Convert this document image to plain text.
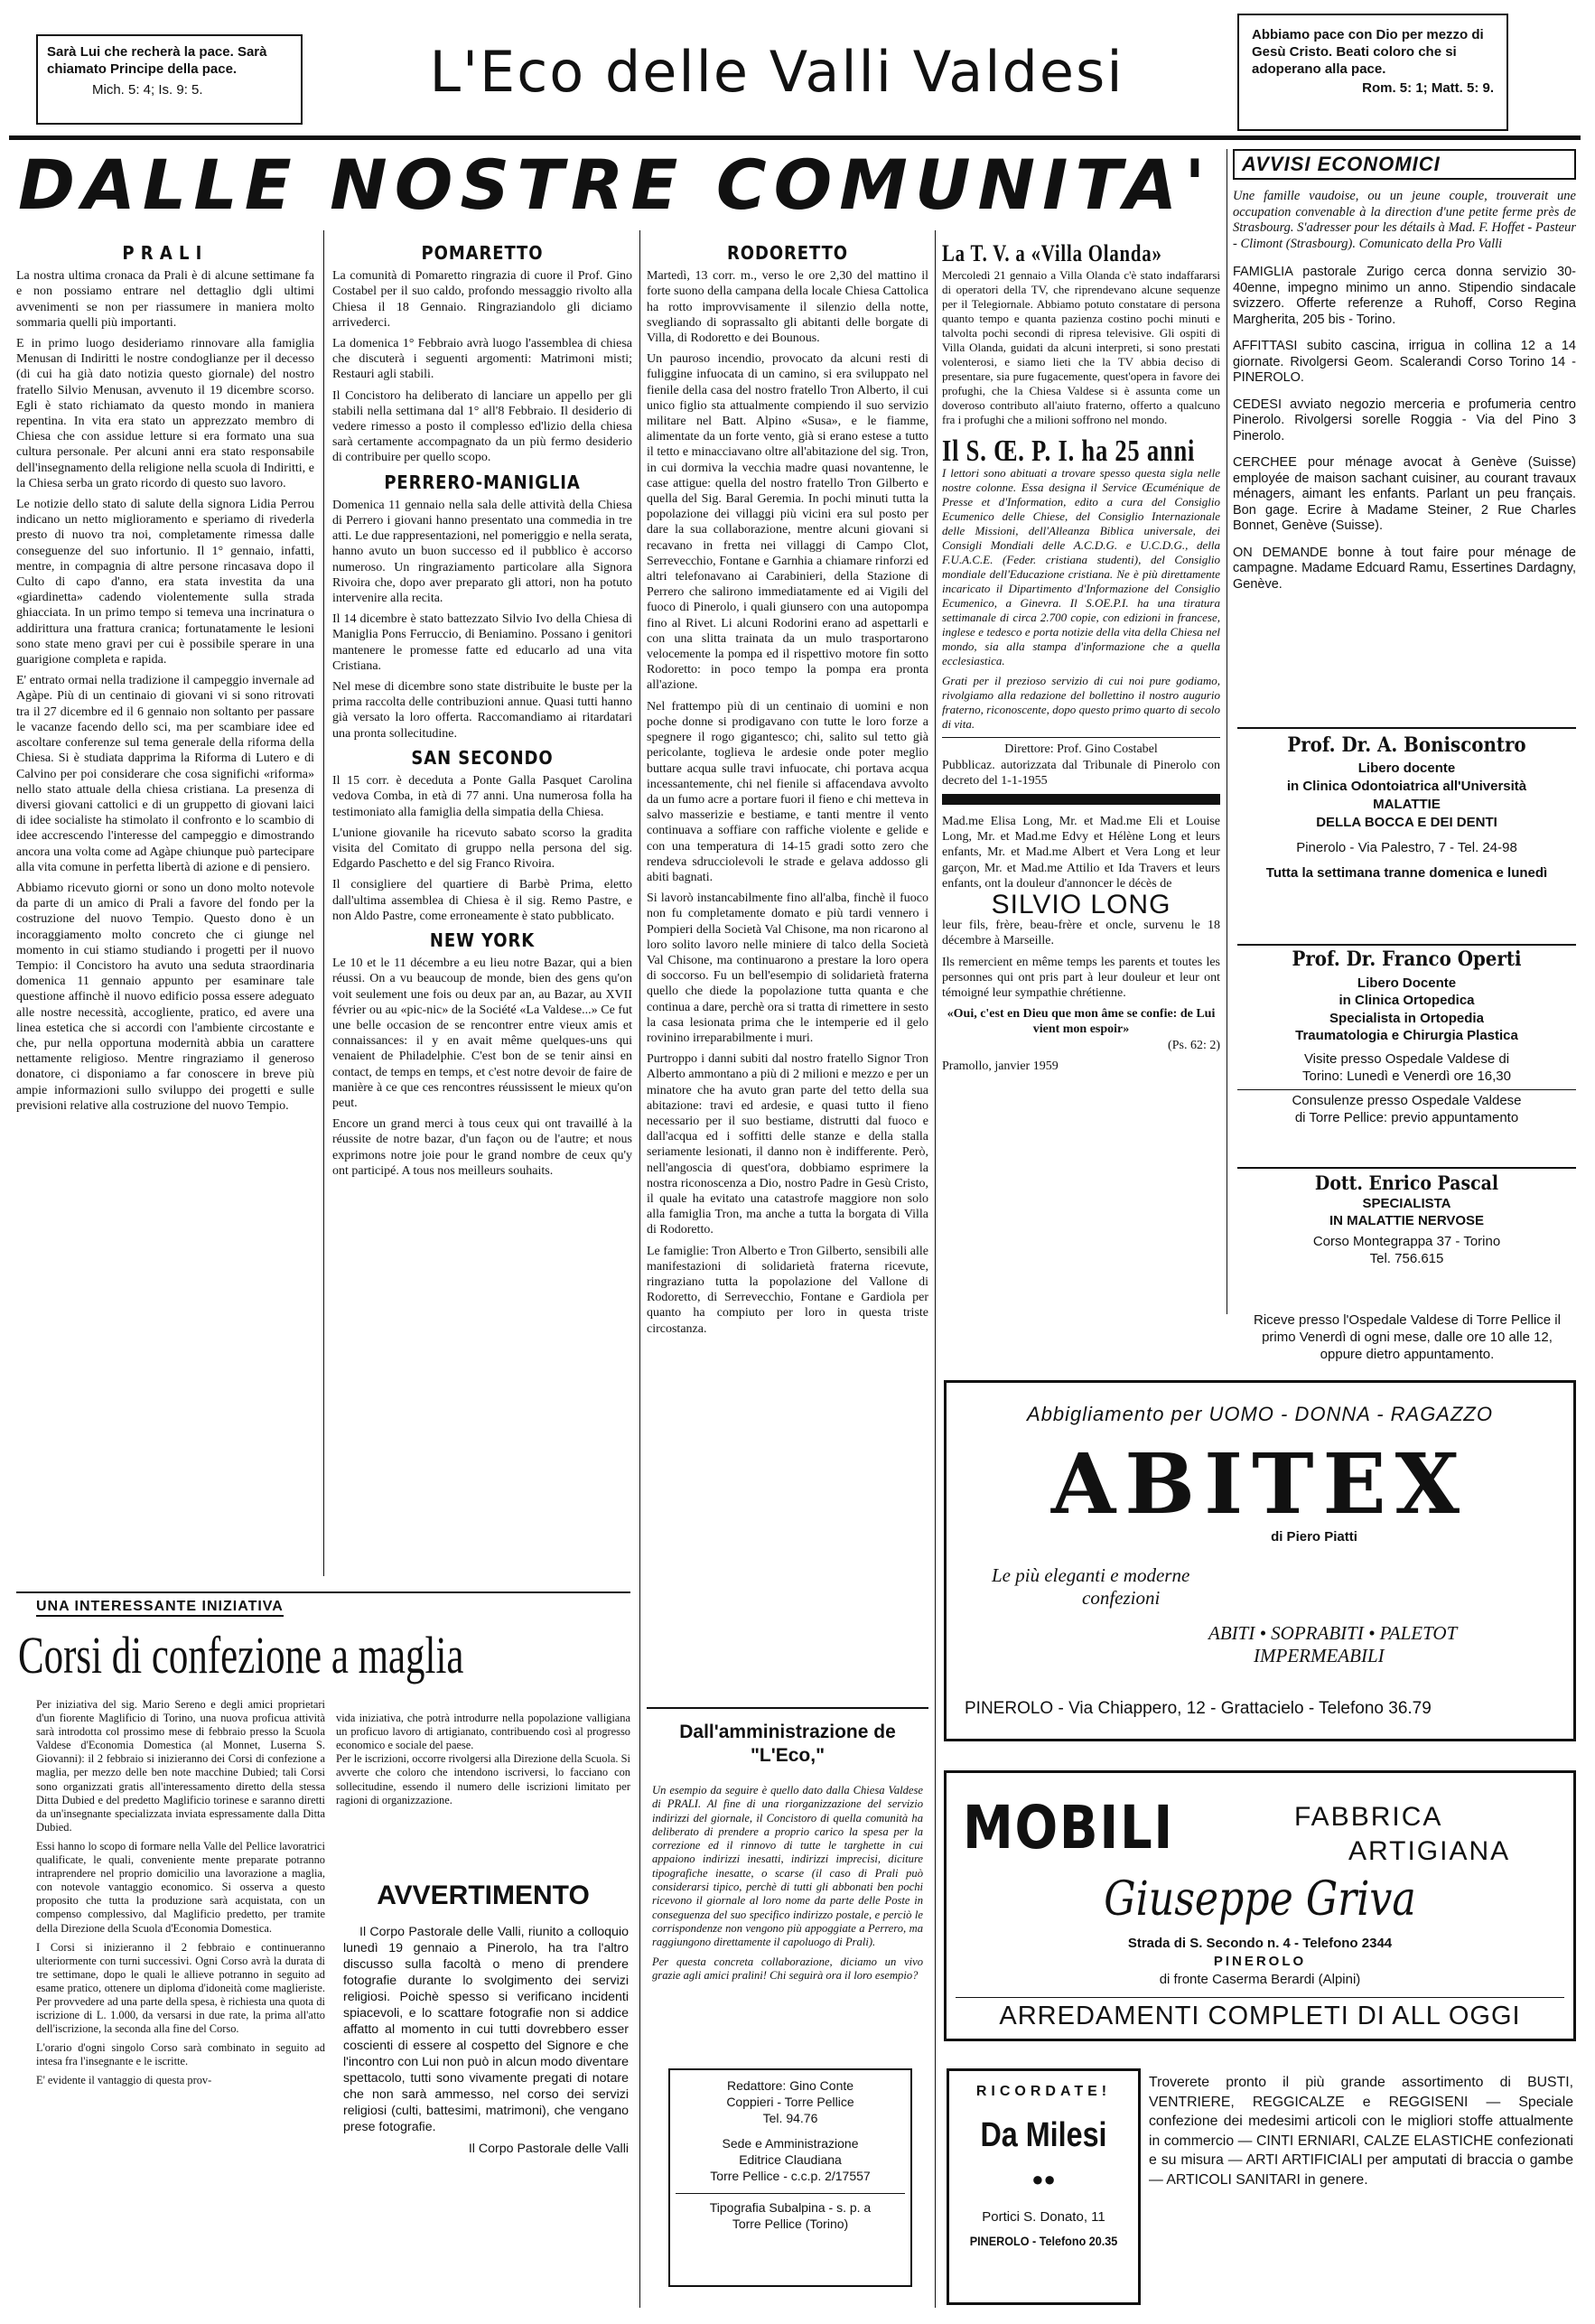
Sarà Lui che recherà la pace. Sarà chiamato Principe della pace.

Mich. 5: 4; Is. 9: 5.	L'Eco delle Valli Valdesi

Abbiamo pace con Dio per mezzo di Gesù Cristo. Beati coloro che si adoperano alla pace.

Rom. 5: 1; Matt. 5: 9.

DALLE NOSTRE COMUNITA'	AVVISI ECONOMICI

Une famille vaudoise, ou un jeune couple, trouverait une occupation convenable à la direction d'une petite ferme près de Strasbourg. S'adresser pour les détails à Mad. F. Hoffet - Pasteur - Climont (Strasbourg). Comunicato della Pro Valli

FAMIGLIA pastorale Zurigo cerca donna servizio 30-40enne, impegno minimo un anno. Stipendio sindacale svizzero. Offerte referenze a Ruhoff, Corso Regina Margherita, 205 bis - Torino.

AFFITTASI subito cascina, irrigua in collina 12 a 14 giornate. Rivolgersi Geom. Scalerandi Corso Torino 14 - PINEROLO.

CEDESI avviato negozio merceria e profumeria centro Pinerolo. Rivolgersi sorelle Roggia - Via del Pino 3 Pinerolo.

CERCHEE pour ménage avocat à Genève (Suisse) employée de maison sachant cuisiner, au courant travaux ménagers, aimant les enfants. Parlant un peu français. Bon gage. Ecrire à Madame Steiner, 2 Rue Charles Bonnet, Genève (Suisse).

ON DEMANDE bonne à tout faire pour ménage de campagne. Madame Edcuard Ramu, Essertines Dardagny, Genève.

PRALI

La nostra ultima cronaca da Prali è di alcune settimane fa e non possiamo entrare nel dettaglio dgli ultimi avvenimenti se non per riassumere in maniera molto sommaria quelli più importanti.

E in primo luogo desideriamo rinnovare alla famiglia Menusan di Indiritti le nostre condoglianze per il decesso (di cui ha già dato notizia questo giornale) del nostro fratello Silvio Menusan, avvenuto il 19 dicembre scorso. Egli è stato richiamato da questo mondo in maniera repentina. In vita era stato un apprezzato membro di Chiesa che con assidue letture si era formato una sua cultura personale. Per alcuni anni era stato responsabile dell'insegnamento della religione nella scuola di Indiritti, e la Chiesa serba un grato ricordo di questo suo lavoro.

Le notizie dello stato di salute della signora Lidia Perrou indicano un netto miglioramento e speriamo di rivederla presto di nuovo tra noi, completamente rimessa dalle conseguenze del suo infortunio. Il 1° gennaio, infatti, mentre, in compagnia di altre persone rincasava dopo il Culto di capo d'anno, era stata investita da una «giardinetta» cadendo violentemente sulla strada ghiacciata. In un primo tempo si temeva una incrinatura o addirittura una frattura cranica; fortunatamente le lesioni sono state meno gravi per cui è possibile sperare in una guarigione completa e rapida.

E' entrato ormai nella tradizione il campeggio invernale ad Agàpe. Più di un centinaio di giovani vi si sono ritrovati tra il 27 dicembre ed il 6 gennaio non soltanto per passare le vacanze facendo dello sci, ma per scambiare idee ed ascoltare conferenze sul tema generale della riforma della Chiesa. Si è studiata dapprima la Riforma di Lutero e di Calvino per poi considerare che cosa significhi «riforma» nello stato attuale della chiesa cristiana. La presenza di diversi giovani cattolici e di un gruppetto di giovani laici di idee socialiste ha stimolato il confronto e lo scambio di idee accrescendo l'interesse del campeggio e dimostrando ancora una volta come ad Agàpe chiunque può partecipare alla vita comune in perfetta libertà di azione e di pensiero.

Abbiamo ricevuto giorni or sono un dono molto notevole da parte di un amico di Prali a favore del fondo per la costruzione del nuovo Tempio. Questo dono è un incoraggiamento molto concreto che ci giunge nel momento in cui stiamo studiando i progetti per il nuovo Tempio: il Concistoro ha avuto una seduta straordinaria domenica 11 gennaio appunto per esaminare tale questione affinchè il nuovo edificio possa essere adeguato alle nostre necessità, accogliente, pratico, ed avere una linea estetica che si accordi con l'ambiente circostante e che, pur nella opportuna modernità abbia un carattere nettamente religioso. Mentre ringraziamo il generoso donatore, ci disponiamo a far conoscere in breve più ampie informazioni sullo sviluppo dei progetti e sulle previsioni relative alla costruzione del nuovo Tempio.

POMARETTO

La comunità di Pomaretto ringrazia di cuore il Prof. Gino Costabel per il suo caldo, profondo messaggio rivolto alla Chiesa il 18 Gennaio. Ringraziandolo gli diciamo arrivederci.

La domenica 1° Febbraio avrà luogo l'assemblea di chiesa che discuterà i seguenti argomenti: Matrimoni misti; Restauri agli stabili.

Il Concistoro ha deliberato di lanciare un appello per gli stabili nella settimana dal 1° all'8 Febbraio. Il desiderio di vedere rimesso a posto il complesso ed'lizio della chiesa sarà certamente accompagnato da un più fermo desiderio di contribuire per quello scopo.

PERRERO-MANIGLIA

Domenica 11 gennaio nella sala delle attività della Chiesa di Perrero i giovani hanno presentato una commedia in tre atti. Le due rappresentazioni, nel pomeriggio e nella serata, hanno avuto un buon successo ed il pubblico è accorso numeroso. Un ringraziamento particolare alla Signora Rivoira che, dopo aver preparato gli attori, non ha potuto intervenire alla recita.

Il 14 dicembre è stato battezzato Silvio Ivo della Chiesa di Maniglia Pons Ferruccio, di Beniamino. Possano i genitori mantenere le promesse fatte ed educarlo ad una vita Cristiana.

Nel mese di dicembre sono state distribuite le buste per la prima raccolta delle contribuzioni annue. Quasi tutti hanno già versato la loro offerta. Raccomandiamo ai ritardatari una pronta sollecitudine.

SAN SECONDO

Il 15 corr. è deceduta a Ponte Galla Pasquet Carolina vedova Comba, in età di 77 anni. Una numerosa folla ha testimoniato alla famiglia della simpatia della Chiesa.

L'unione giovanile ha ricevuto sabato scorso la gradita visita del Comitato di gruppo nella persona del sig. Edgardo Paschetto e del sig Franco Rivoira.

Il consigliere del quartiere di Barbè Prima, eletto dall'ultima assemblea di Chiesa è il sig. Remo Pastre, e non Aldo Pastre, come erroneamente è stato pubblicato.

NEW YORK

Le 10 et le 11 décembre a eu lieu notre Bazar, qui a bien réussi. On a vu beaucoup de monde, bien des gens qu'on voit seulement une fois ou deux par an, au Bazar, au XVII février ou au «pic-nic» de la Société «La Valdese...» Ce fut une belle occasion de se rencontrer entre vieux amis et connaissances: il y en avait même quelques-uns qui venaient de Philadelphie. C'est bon de se tenir ainsi en contact, de temps en temps, et c'est notre devoir de faire de manière à ce que ces rencontres réussissent le mieux qu'on peut.

Encore un grand merci à tous ceux qui ont travaillé à la réussite de notre bazar, d'un façon ou de l'autre; et nous exprimons notre joie pour le grand nombre de ceux qu'y ont participé. A tous nos meilleurs souhaits.

RODORETTO

Martedì, 13 corr. m., verso le ore 2,30 del mattino il forte suono della campana della locale Chiesa Cattolica ha rotto improvvisamente il silenzio della notte, svegliando di soprassalto gli abitanti delle borgate di Villa, di Rodoretto e dei Bounous.

Un pauroso incendio, provocato da alcuni resti di fuliggine infuocata di un camino, si era sviluppato nel fienile della casa del nostro fratello Tron Alberto, il cui unico figlio sta attualmente compiendo il suo servizio militare nel Batt. Alpino «Susa», e le fiamme, alimentate da un forte vento, già si erano estese a tutto il tetto e minacciavano oltre all'abitazione del sig. Tron, in cui dormiva la vecchia madre quasi novantenne, le case attigue: quella del nostro fratello Tron Gilberto e quella del Sig. Baral Geremia. In pochi minuti tutta la popolazione dei villaggi più vicini era sul posto per dare la sua collaborazione, mentre alcuni giovani si recavano in fretta nei villaggi di Campo Clot, Serrevecchio, Fontane e Garnhia a chiamare rinforzi ed altri telefonavano ai Carabinieri, della Stazione di Perrero che salirono immediatamente ed ai Vigili del fuoco di Pinerolo, i quali giunsero con una autopompa fino al Rivet. Li alcuni Rodorini erano ad aspettarli e con una slitta trainata da un mulo trasportarono velocemente la pompa ed il rispettivo motore fin sotto Rodoretto: in poco tempo la pompa era pronta all'azione.

Nel frattempo più di un centinaio di uomini e non poche donne si prodigavano con tutte le loro forze a spegnere il rogo gigantesco; chi, salito sul tetto già pericolante, toglieva le ardesie onde poter meglio buttare acqua sulle travi infuocate, chi portava acqua incessantemente, chi nel fienile si affacendava avvolto da un fumo acre a portare fuori il fieno e chi metteva in salvo masserizie e bestiame, e tanti mentre il vento continuava a soffiare con raffiche violente e gelide e con una temperatura di 14-15 gradi sotto zero che rendeva sdrucciolevoli le strade e gelava addosso gli abiti bagnati.

Si lavorò instancabilmente fino all'alba, finchè il fuoco non fu completamente domato e più tardi vennero i Pompieri della Società Val Chisone, ma non ricarono al loro solito lavoro nelle miniere di talco della Società Val Chisone, ma continuarono a prestare la loro opera di soccorso. Fu un bell'esempio di solidarietà fraterna quello che diede la popolazione tutta quanta e che continua a dare, perchè ora si tratta di rimettere in sesto la casa lesionata prima che le intemperie ed il gelo rovinino irreparabilmente i muri.

Purtroppo i danni subiti dal nostro fratello Signor Tron Alberto ammontano a più di 2 milioni e mezzo e per un minatore che ha avuto gran parte del tetto della sua abitazione: travi ed ardesie, e quasi tutto il fieno necessario per il suo bestiame, distrutti dal fuoco e dall'acqua ed i soffitti delle stanze e della stalla seriamente lesionati, il danno non è indifferente. Però, nell'angoscia di quest'ora, dobbiamo esprimere la nostra riconoscenza a Dio, nostro Padre in Gesù Cristo, il quale ha evitato una catastrofe maggiore non solo alla famiglia Tron, ma anche a tutta la borgata di Villa di Rodoretto.

Le famiglie: Tron Alberto e Tron Gilberto, sensibili alle manifestazioni di solidarietà fraterna ricevute, ringraziano tutta la popolazione del Vallone di Rodoretto, di Serrevecchio, Fontane e Gardiola per quanto ha compiuto per loro in questa triste circostanza.

La T. V. a «Villa Olanda»

Mercoledì 21 gennaio a Villa Olanda c'è stato indaffararsi di operatori della TV, che riprendevano alcune sequenze per il Telegiornale. Abbiamo potuto constatare di persona quanto tempo e quanta pazienza costino pochi minuti e talvolta pochi secondi di ripresa televisive. Gli ospiti di Villa Olanda, guidati da alcuni interpreti, si sono prestati volenterosi, e siamo lieti che la TV abbia deciso di presentare, sia pure fugacemente, quest'opera in favore dei profughi, che la Chiesa Valdese si è assunta come un doveroso contributo all'aiuto fraterno, offerto a qualcuno fra i profughi che a milioni soffrono nel mondo.

Il S. Œ. P. I. ha 25 anni

I lettori sono abituati a trovare spesso questa sigla nelle nostre colonne. Essa designa il Service Œcuménique de Presse et d'Information, edito a cura del Consiglio Ecumenico delle Chiese, del Consiglio Internazionale delle Missioni, dell'Alleanza Biblica universale, dei Consigli Mondiali delle A.C.D.G. e U.C.D.G., della F.U.A.C.E. (Feder. cristiana studenti), del Consiglio mondiale dell'Educazione cristiana. Ne è più direttamente incaricato il Dipartimento d'Informazione del Consiglio Ecumenico, a Ginevra. Il S.OE.P.I. ha una tiratura settimanale di circa 2.700 copie, con edizioni in francese, inglese e tedesco e porta notizie della vita della Chiesa nel mondo, sia alla stampa d'informazione che a quella ecclesiastica.

Grati per il prezioso servizio di cui noi pure godiamo, rivolgiamo alla redazione del bollettino il nostro augurio fraterno, riconoscente, dopo questo primo quarto di secolo di vita.

Direttore: Prof. Gino Costabel

Pubblicaz. autorizzata dal Tribunale di Pinerolo con decreto del 1-1-1955

Mad.me Elisa Long, Mr. et Mad.me Eli et Louise Long, Mr. et Mad.me Edvy et Hélène Long et leurs enfants, Mr. et Mad.me Albert et Vera Long et leur garçon, Mr. et Mad.me Attilio et Ida Travers et leurs enfants, ont la douleur d'annoncer le décès de

SILVIO LONG

leur fils, frère, beau-frère et oncle, survenu le 18 décembre à Marseille.

Ils remercient en même temps les parents et toutes les personnes qui ont pris part à leur douleur et leur ont témoigné leur sympathie chrétienne.

«Oui, c'est en Dieu que mon âme se confie: de Lui vient mon espoir»

(Ps. 62: 2)

Pramollo, janvier 1959

UNA INTERESSANTE INIZIATIVA
Corsi di confezione a maglia

Per iniziativa del sig. Mario Sereno e degli amici proprietari d'un fiorente Maglificio di Torino, una nuova proficua attività sarà introdotta col prossimo mese di febbraio presso la Scuola Valdese d'Economia Domestica (al Monnet, Luserna S. Giovanni): il 2 febbraio si inizieranno dei Corsi di confezione a maglia, per mezzo delle ben note macchine Dubied; tali Corsi sono organizzati gratis all'interessamento diretto della stessa Ditta Dubied e del predetto Maglificio torinese e saranno diretti da un'insegnante specializzata inviata espressamente dalla Ditta Dubied.

Essi hanno lo scopo di formare nella Valle del Pellice lavoratrici qualificate, le quali, conveniente mente preparate potranno intraprendere nel proprio domicilio una lavorazione a maglia, con notevole vantaggio economico. Si osserva a questo proposito che tutta la produzione sarà acquistata, con un compenso complessivo, dal Maglificio predetto, per tramite della Direzione della Scuola d'Economia Domestica.

I Corsi si inizieranno il 2 febbraio e continueranno ulteriormente con turni successivi. Ogni Corso avrà la durata di tre settimane, dopo le quali le allieve potranno in seguito ad esame pratico, ottenere un diploma d'idoneità come maglieriste. Per provvedere ad una parte della spesa, è richiesta una quota di iscrizione di L. 1.000, da versarsi in due rate, la prima all'atto dell'iscrizione, la seconda alla fine del Corso.

L'orario d'ogni singolo Corso sarà combinato in seguito ad intesa fra l'insegnante e le iscritte.

E' evidente il vantaggio di questa prov-

vida iniziativa, che potrà introdurre nella popolazione valligiana un proficuo lavoro di artigianato, contribuendo così al progresso economico e sociale del paese.
Per le iscrizioni, occorre rivolgersi alla Direzione della Scuola. Si avverte che coloro che intendono iscriversi, lo facciano con sollecitudine, essendo il numero delle iscrizioni limitato per ragioni di organizzazione.

AVVERTIMENTO

Il Corpo Pastorale delle Valli, riunito a colloquio lunedì 19 gennaio a Pinerolo, ha tra l'altro discusso sulla facoltà o meno di prendere fotografie durante lo svolgimento dei servizi religiosi. Poichè spesso si verificano incidenti spiacevoli, e lo scattare fotografie non si addice affatto al momento in cui tutti dovrebbero esser coscienti di essere al cospetto del Signore e che l'incontro con Lui non può in alcun modo diventare spettacolo, tutti sono vivamente pregati di notare che non sarà ammesso, nel corso dei servizi religiosi (culti, battesimi, matrimoni), che vengano prese fotografie.

Il Corpo Pastorale delle Valli

Dall'amministrazione de "L'Eco,"

Un esempio da seguire è quello dato dalla Chiesa Valdese di PRALI. Al fine di una riorganizzazione del servizio indirizzi del giornale, il Concistoro di quella comunità ha deliberato di prendere a proprio carico la spesa per la correzione ed il rinnovo di tutte le targhette in cui appaiono indirizzi inesatti, indirizzi imprecisi, diciture tipografiche inesatte, o scarse (il caso di Prali può considerarsi tipico, perchè di tutti gli abbonati ben pochi ricevono il giornale al loro nome da parte delle Poste in conseguenza del suo specifico indirizzo postale, e perciò le corrispondenze non vengono più appoggiate a Perrero, ma raggiungono direttamente il capoluogo di Prali).

Per questa concreta collaborazione, diciamo un vivo grazie agli amici pralini! Chi seguirà ora il loro esempio?

Redattore: Gino Conte

Coppieri - Torre Pellice

Tel. 94.76

Sede e Amministrazione

Editrice Claudiana

Torre Pellice - c.c.p. 2/17557

Tipografia Subalpina - s. p. a

Torre Pellice (Torino)

Prof. Dr. A. Boniscontro

Libero docente

in Clinica Odontoiatrica all'Università

MALATTIE

DELLA BOCCA E DEI DENTI

Pinerolo - Via Palestro, 7 - Tel. 24-98

Tutta la settimana tranne domenica e lunedì

Prof. Dr. Franco Operti

Libero Docente

in Clinica Ortopedica

Specialista in Ortopedia

Traumatologia e Chirurgia Plastica

Visite presso Ospedale Valdese di

Torino: Lunedì e Venerdì ore 16,30

Consulenze presso Ospedale Valdese

di Torre Pellice: previo appuntamento

Dott. Enrico Pascal

SPECIALISTA

IN MALATTIE NERVOSE

Corso Montegrappa 37 - Torino

Tel. 756.615

Riceve presso l'Ospedale Valdese di Torre Pellice il primo Venerdì di ogni mese, dalle ore 10 alle 12, oppure dietro appuntamento.
Abbigliamento per UOMO - DONNA - RAGAZZO
ABITEX
di Piero Piatti
Le più eleganti e moderne
confezioni
ABITI • SOPRABITI • PALETOT
IMPERMEABILI
PINEROLO - Via Chiappero, 12 - Grattacielo - Telefono 36.79
MOBILI	FABBRICA
ARTIGIANA
Giuseppe Griva
Strada di S. Secondo n. 4 - Telefono 2344
PINEROLO
di fronte Caserma Berardi (Alpini)
ARREDAMENTI COMPLETI DI ALL OGGI
RICORDATE!
Da Milesi
●●
Portici S. Donato, 11
PINEROLO - Telefono 20.35

Troverete pronto il più grande assortimento di BUSTI, VENTRIERE, REGGICALZE e REGGISENI — Speciale confezione dei medesimi articoli con le migliori stoffe attualmente in commercio — CINTI ERNIARI, CALZE ELASTICHE confezionati e su misura — ARTI ARTIFICIALI per amputati di braccia o gambe — ARTICOLI SANITARI in genere.
